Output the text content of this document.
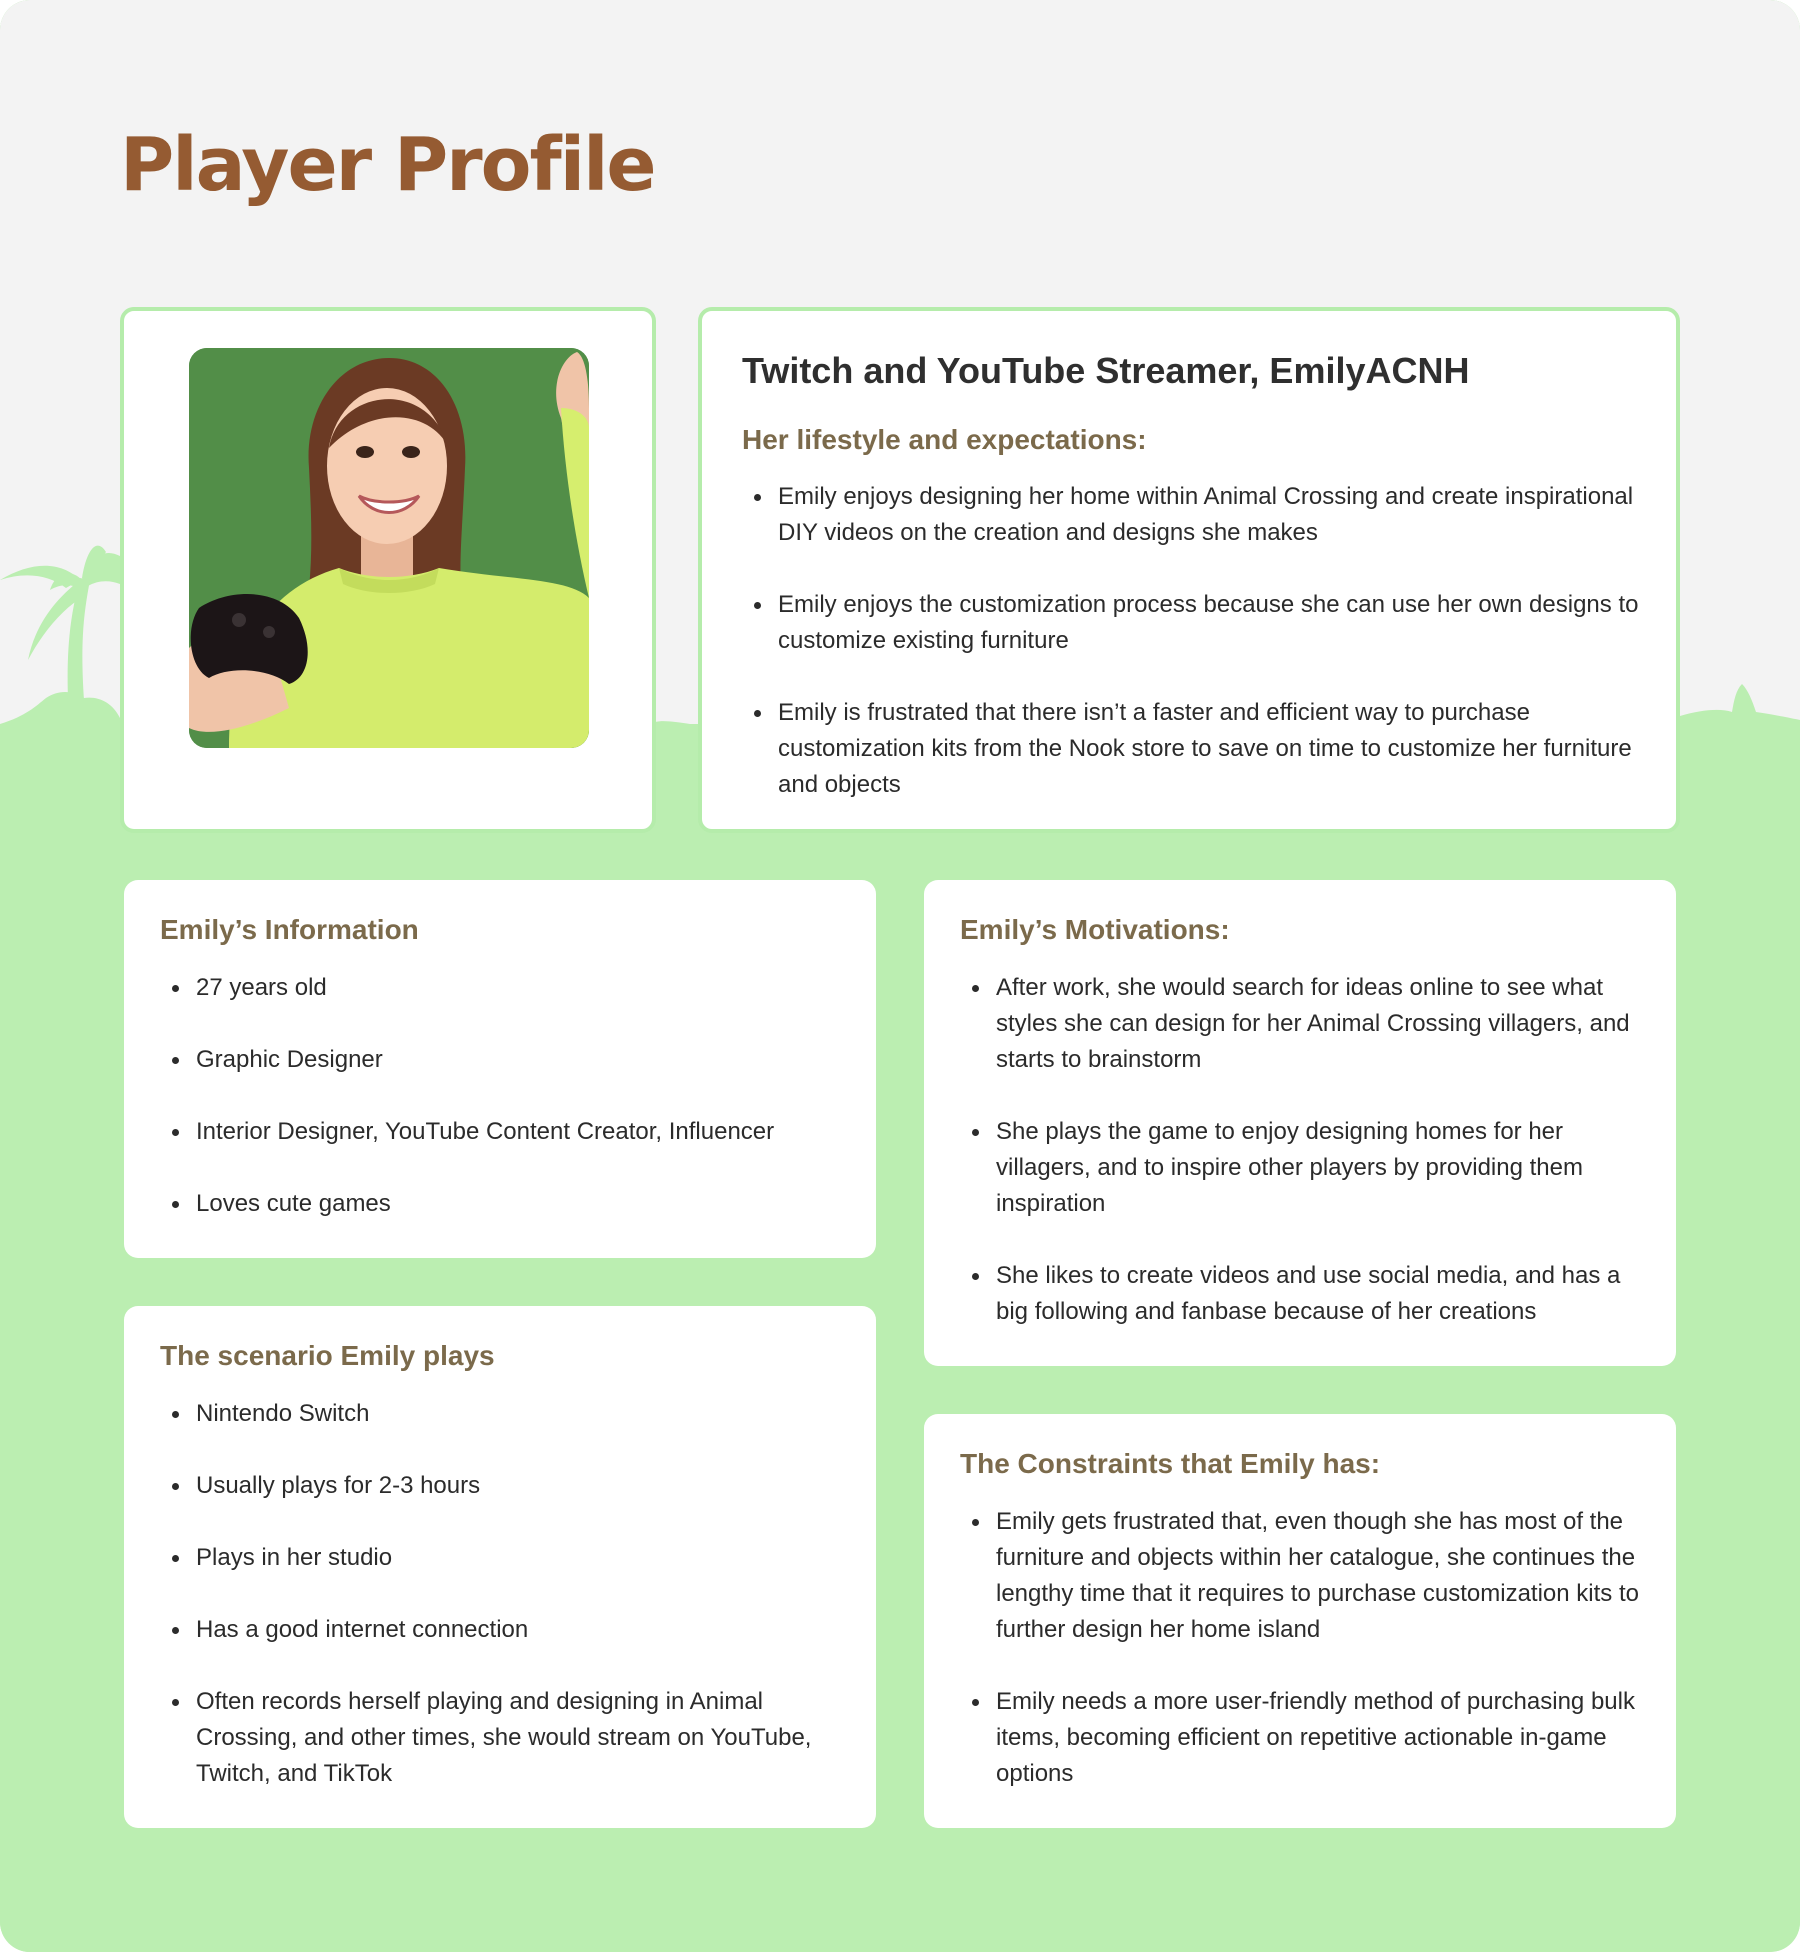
Player Profile
Twitch and YouTube Streamer, EmilyACNH
Her lifestyle and expectations:
Emily enjoys designing her home within Animal Crossing and create inspirational DIY videos on the creation and designs she makes
Emily enjoys the customization process because she can use her own designs to customize existing furniture
Emily is frustrated that there isn’t a faster and efficient way to purchase customization kits from the Nook store to save on time to customize her furniture and objects
Emily’s Information
27 years old
Graphic Designer
Interior Designer, YouTube Content Creator, Influencer
Loves cute games
The scenario Emily plays
Nintendo Switch
Usually plays for 2-3 hours
Plays in her studio
Has a good internet connection
Often records herself playing and designing in Animal Crossing, and other times, she would stream on YouTube, Twitch, and TikTok
Emily’s Motivations:
After work, she would search for ideas online to see what styles she can design for her Animal Crossing villagers, and starts to brainstorm
She plays the game to enjoy designing homes for her villagers, and to inspire other players by providing them inspiration
She likes to create videos and use social media, and has a big following and fanbase because of her creations
The Constraints that Emily has:
Emily gets frustrated that, even though she has most of the furniture and objects within her catalogue, she continues the lengthy time that it requires to purchase customization kits to further design her home island
Emily needs a more user-friendly method of purchasing bulk items, becoming efficient on repetitive actionable in-game options
